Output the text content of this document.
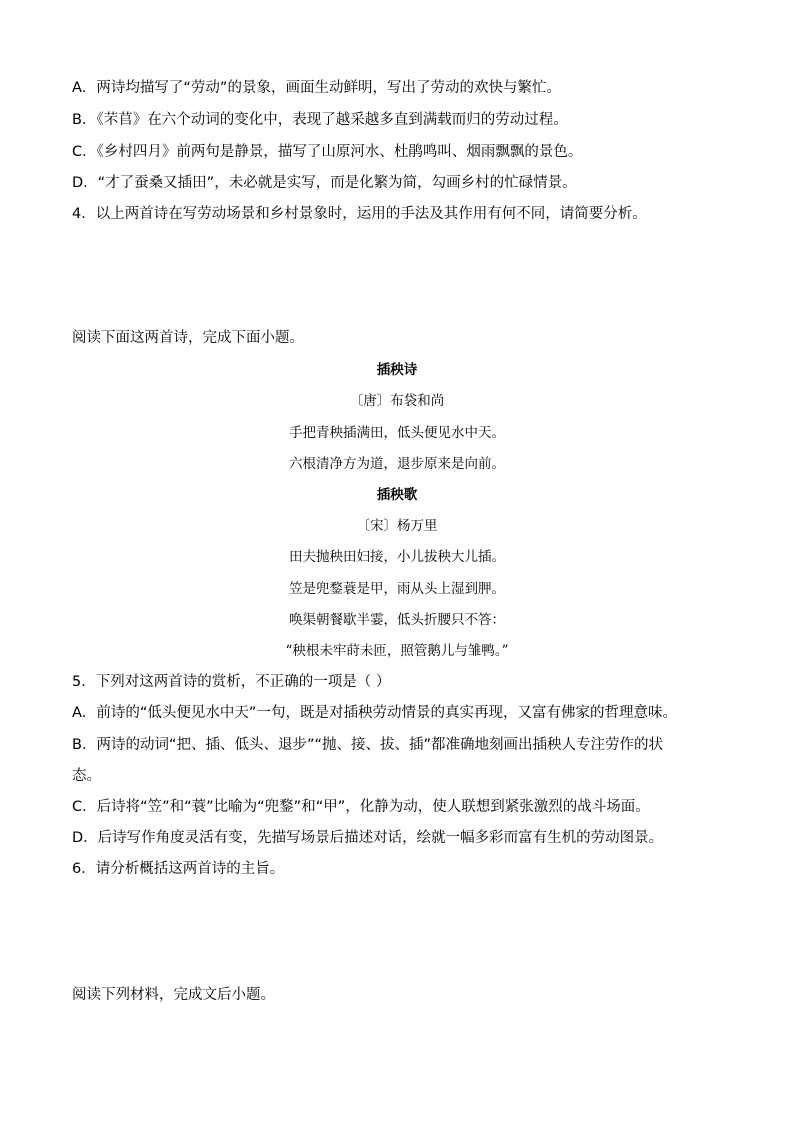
A．两诗均描写了“劳动”的景象，画面生动鲜明，写出了劳动的欢快与繁忙。

B．《芣苢》在六个动词的变化中，表现了越采越多直到满载而归的劳动过程。

C．《乡村四月》前两句是静景，描写了山原河水、杜鹃鸣叫、烟雨飘飘的景色。

D．“才了蚕桑又插田”，未必就是实写，而是化繁为简，勾画乡村的忙碌情景。

4．以上两首诗在写劳动场景和乡村景象时，运用的手法及其作用有何不同，请简要分析。

阅读下面这两首诗，完成下面小题。

插秧诗

〔唐〕布袋和尚

手把青秧插满田，低头便见水中天。

六根清净方为道，退步原来是向前。

插秧歌

〔宋〕杨万里

田夫抛秧田妇接，小儿拔秧大儿插。

笠是兜鍪蓑是甲，雨从头上湿到胛。

唤渠朝餐歇半霎，低头折腰只不答：

“秧根未牢莳未匝，照管鹅儿与雏鸭。”

5．下列对这两首诗的赏析，不正确的一项是（ ）

A．前诗的“低头便见水中天”一句，既是对插秧劳动情景的真实再现，又富有佛家的哲理意味。

B．两诗的动词“把、插、低头、退步”“抛、接、拔、插”都准确地刻画出插秧人专注劳作的状

态。

C．后诗将“笠”和“蓑”比喻为“兜鍪”和“甲”，化静为动，使人联想到紧张激烈的战斗场面。

D．后诗写作角度灵活有变，先描写场景后描述对话，绘就一幅多彩而富有生机的劳动图景。

6．请分析概括这两首诗的主旨。

阅读下列材料，完成文后小题。
